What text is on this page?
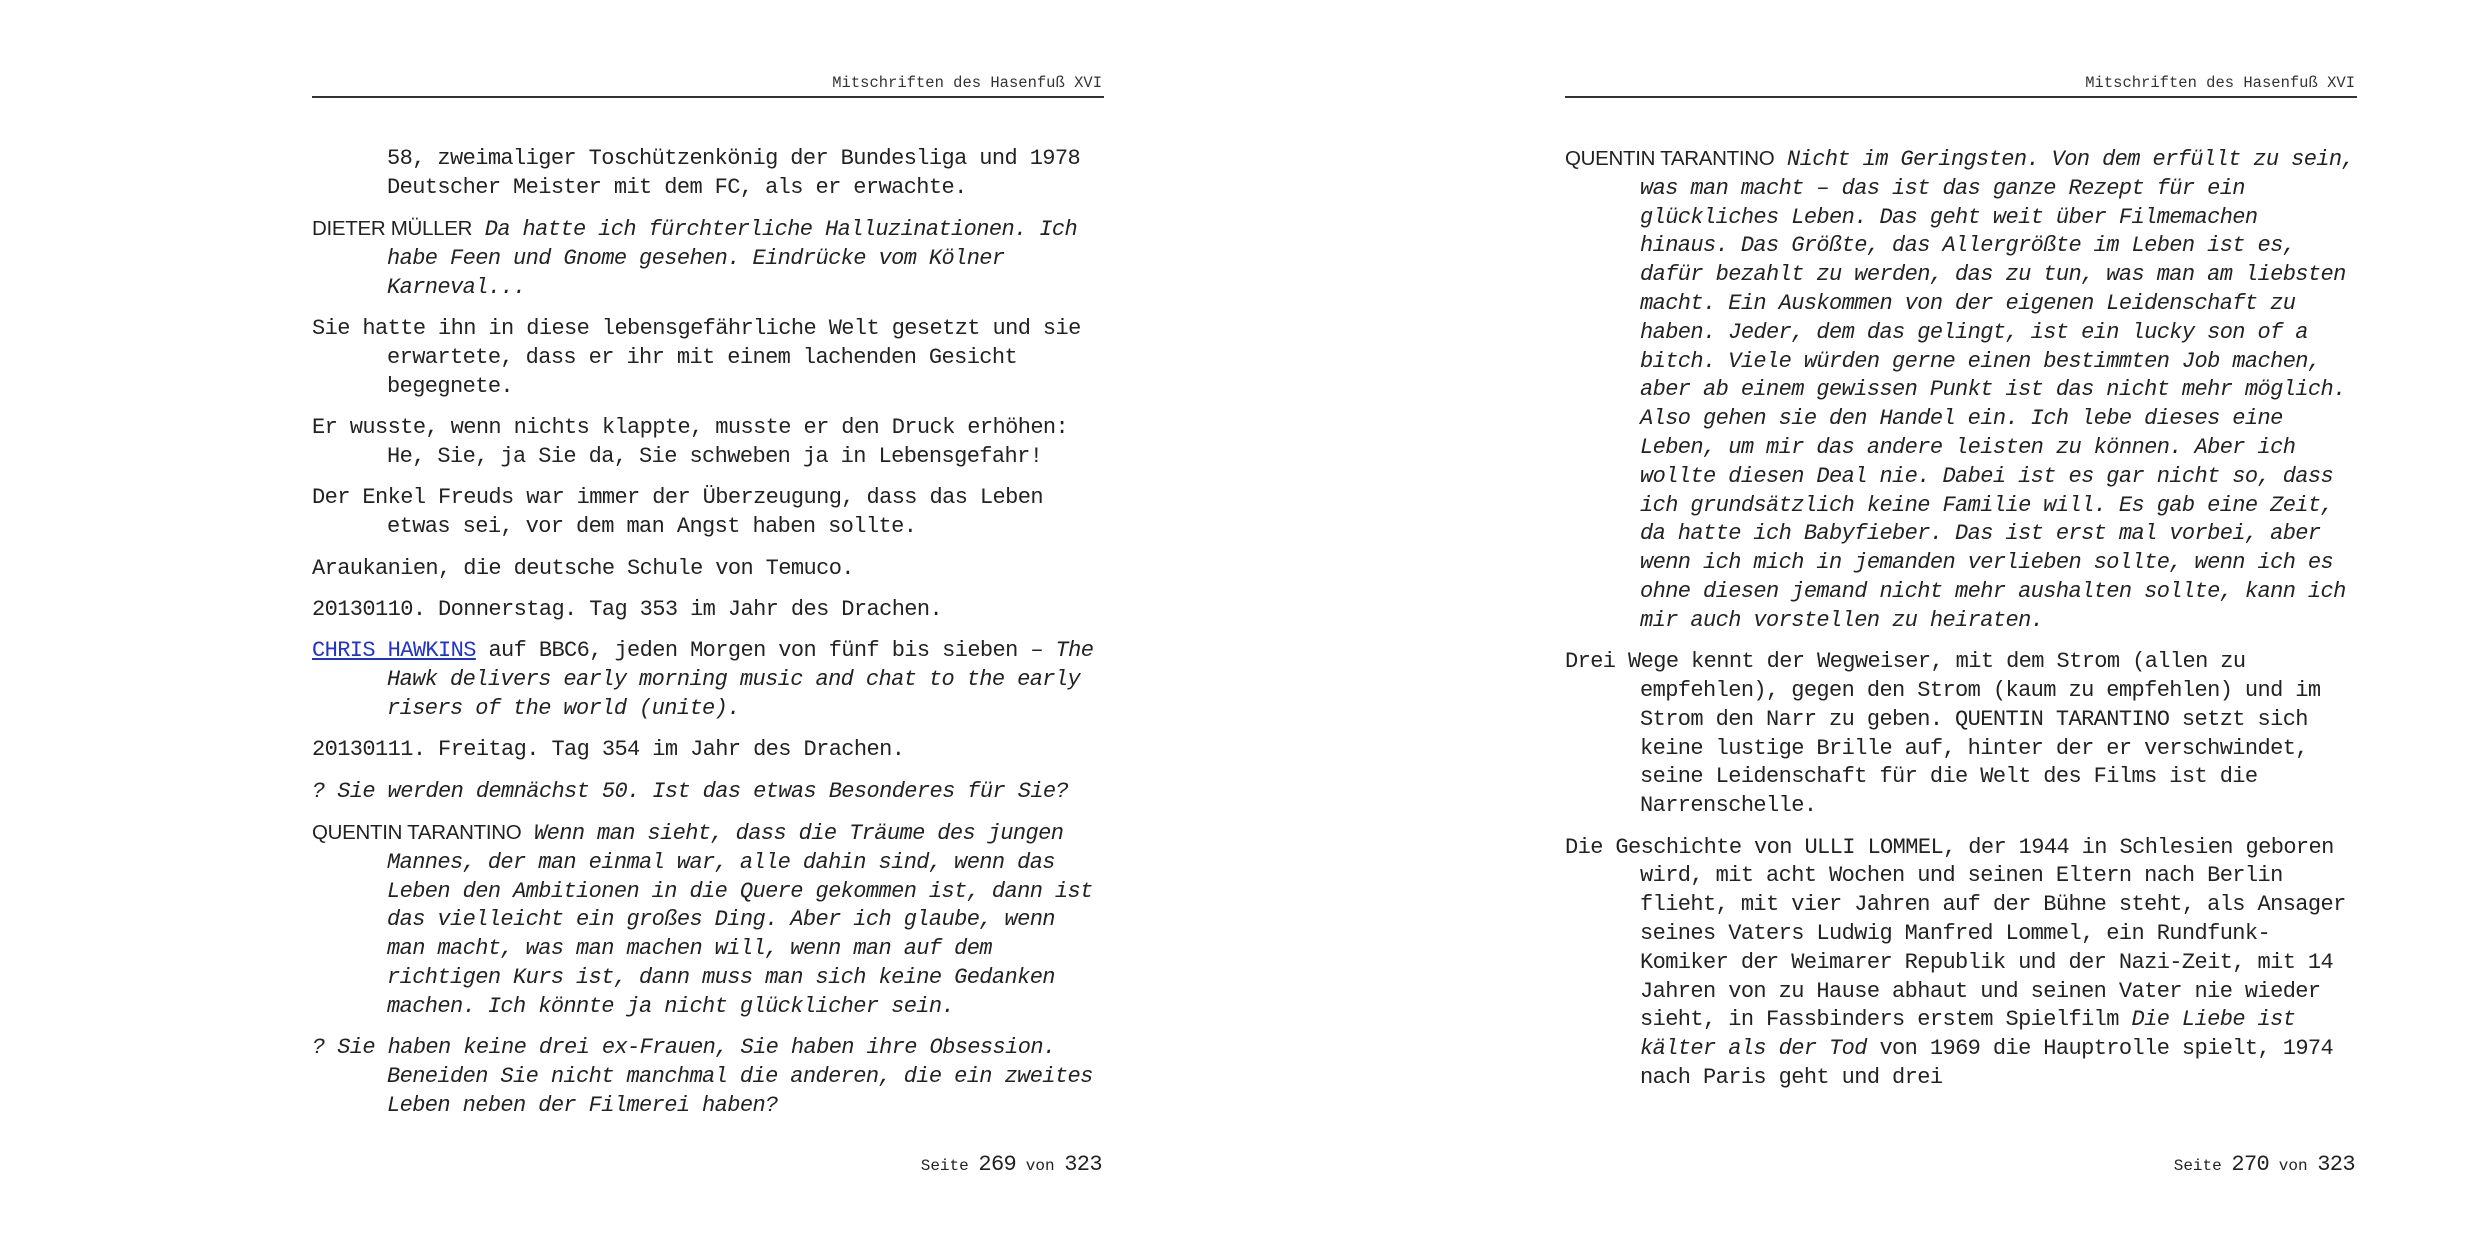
Mitschriften des Hasenfuß XVI

58, zweimaliger Toschützenkönig der Bundesliga und 1978 Deutscher Meister mit dem FC, als er erwachte.

DIETER MÜLLER Da hatte ich fürchterliche Halluzinationen. Ich habe Feen und Gnome gesehen. Eindrücke vom Kölner Karneval...

Sie hatte ihn in diese lebensgefährliche Welt gesetzt und sie erwartete, dass er ihr mit einem lachenden Gesicht begegnete.

Er wusste, wenn nichts klappte, musste er den Druck erhöhen: He, Sie, ja Sie da, Sie schweben ja in Lebensgefahr!

Der Enkel Freuds war immer der Überzeugung, dass das Leben etwas sei, vor dem man Angst haben sollte.

Araukanien, die deutsche Schule von Temuco.

20130110. Donnerstag. Tag 353 im Jahr des Drachen.

CHRIS HAWKINS auf BBC6, jeden Morgen von fünf bis sieben – The Hawk delivers early morning music and chat to the early risers of the world (unite).

20130111. Freitag. Tag 354 im Jahr des Drachen.

? Sie werden demnächst 50. Ist das etwas Besonderes für Sie?

QUENTIN TARANTINO Wenn man sieht, dass die Träume des jungen Mannes, der man einmal war, alle dahin sind, wenn das Leben den Ambitionen in die Quere gekommen ist, dann ist das vielleicht ein großes Ding. Aber ich glaube, wenn man macht, was man machen will, wenn man auf dem richtigen Kurs ist, dann muss man sich keine Gedanken machen. Ich könnte ja nicht glücklicher sein.

? Sie haben keine drei ex-Frauen, Sie haben ihre Obsession. Beneiden Sie nicht manchmal die anderen, die ein zweites Leben neben der Filmerei haben?

Seite 269 von 323
Mitschriften des Hasenfuß XVI

QUENTIN TARANTINO Nicht im Geringsten. Von dem erfüllt zu sein, was man macht – das ist das ganze Rezept für ein glückliches Leben. Das geht weit über Filmemachen hinaus. Das Größte, das Allergrößte im Leben ist es, dafür bezahlt zu werden, das zu tun, was man am liebsten macht. Ein Auskommen von der eigenen Leidenschaft zu haben. Jeder, dem das gelingt, ist ein lucky son of a bitch. Viele würden gerne einen bestimmten Job machen, aber ab einem gewissen Punkt ist das nicht mehr möglich. Also gehen sie den Handel ein. Ich lebe dieses eine Leben, um mir das andere leisten zu können. Aber ich wollte diesen Deal nie. Dabei ist es gar nicht so, dass ich grundsätzlich keine Familie will. Es gab eine Zeit, da hatte ich Babyfieber. Das ist erst mal vorbei, aber wenn ich mich in jemanden verlieben sollte, wenn ich es ohne diesen jemand nicht mehr aushalten sollte, kann ich mir auch vorstellen zu heiraten.

Drei Wege kennt der Wegweiser, mit dem Strom (allen zu empfehlen), gegen den Strom (kaum zu empfehlen) und im Strom den Narr zu geben. QUENTIN TARANTINO setzt sich keine lustige Brille auf, hinter der er verschwindet, seine Leidenschaft für die Welt des Films ist die Narrenschelle.

Die Geschichte von ULLI LOMMEL, der 1944 in Schlesien geboren wird, mit acht Wochen und seinen Eltern nach Berlin flieht, mit vier Jahren auf der Bühne steht, als Ansager seines Vaters Ludwig Manfred Lommel, ein Rundfunk-Komiker der Weimarer Republik und der Nazi-Zeit, mit 14 Jahren von zu Hause abhaut und seinen Vater nie wieder sieht, in Fassbinders erstem Spielfilm Die Liebe ist kälter als der Tod von 1969 die Hauptrolle spielt, 1974 nach Paris geht und drei

Seite 270 von 323
